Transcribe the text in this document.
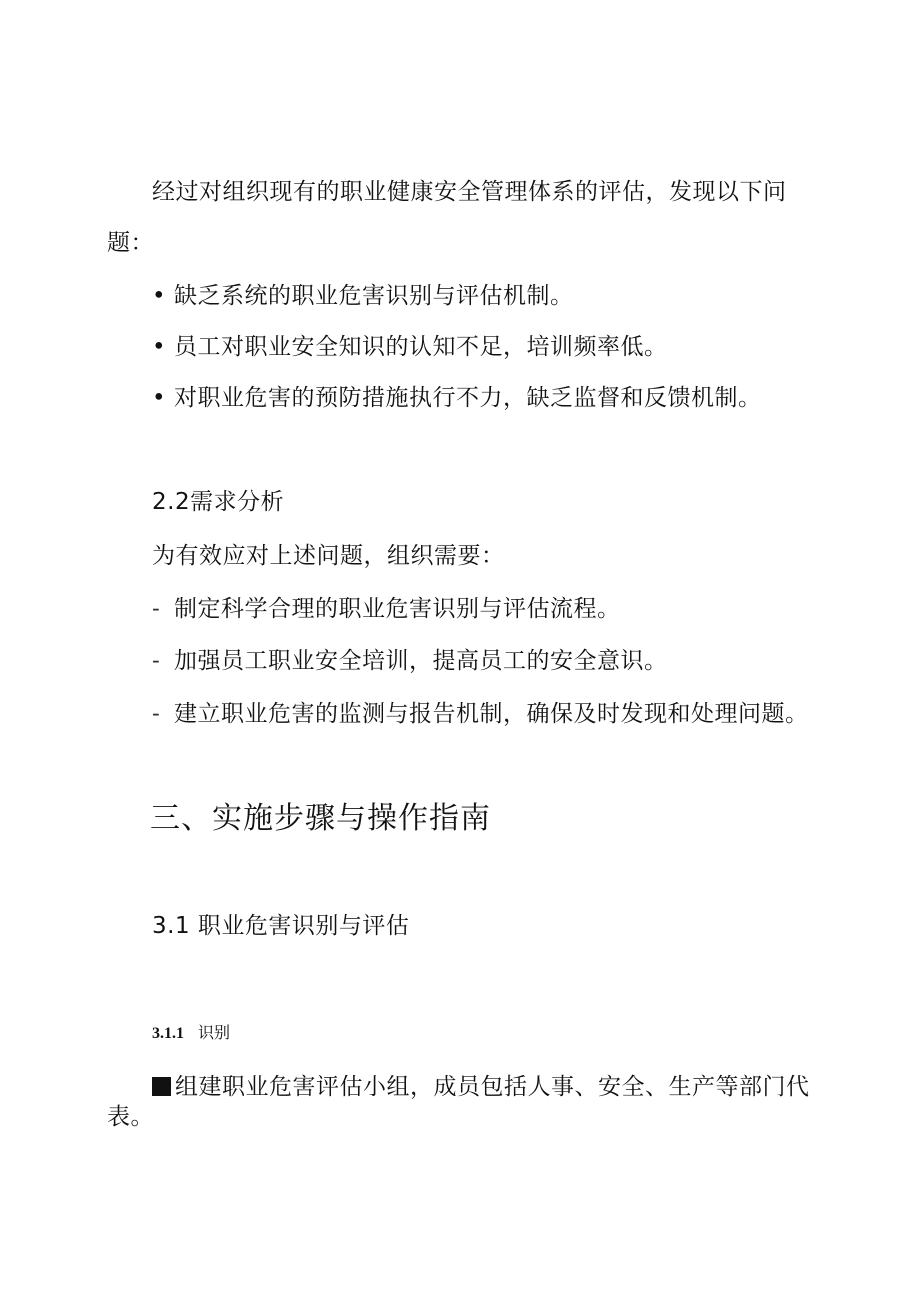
经过对组织现有的职业健康安全管理体系的评估，发现以下问
题：
• 缺乏系统的职业危害识别与评估机制。
• 员工对职业安全知识的认知不足，培训频率低。
• 对职业危害的预防措施执行不力，缺乏监督和反馈机制。
2.2需求分析
为有效应对上述问题，组织需要：
- 制定科学合理的职业危害识别与评估流程。
- 加强员工职业安全培训，提高员工的安全意识。
- 建立职业危害的监测与报告机制，确保及时发现和处理问题。
三、实施步骤与操作指南
3.1 职业危害识别与评估
3.1.1 识别
组建职业危害评估小组，成员包括人事、安全、生产等部门代
表。
